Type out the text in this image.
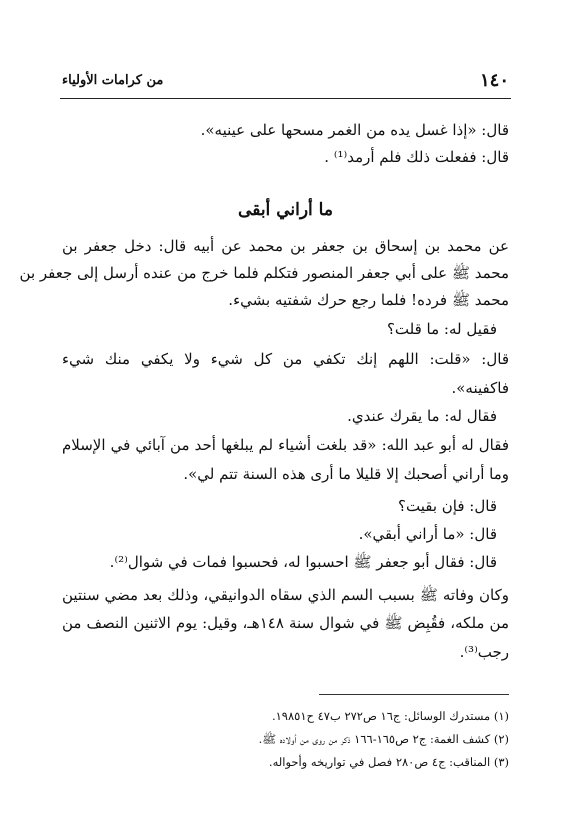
١٤٠
من كرامات الأولياء
قال: «إذا غسل يده من الغمر مسحها على عينيه».
قال: ففعلت ذلك فلم أرمد⁽¹⁾ .
ما أراني أبقى
عن محمد بن إسحاق بن جعفر بن محمد عن أبيه قال: دخل جعفر بن
محمد ﷺ على أبي جعفر المنصور فتكلم فلما خرج من عنده أرسل إلى جعفر بن
محمد ﷺ فرده! فلما رجع حرك شفتيه بشيء.
فقيل له: ما قلت؟
قال: «قلت: اللهم إنك تكفي من كل شيء ولا يكفي منك شيء
فاكفينه».
فقال له: ما يقرك عندي.
فقال له أبو عبد الله: «قد بلغت أشياء لم يبلغها أحد من آبائي في الإسلام
وما أراني أصحبك إلا قليلا ما أرى هذه السنة تتم لي».
قال: فإن بقيت؟
قال: «ما أراني أبقي».
قال: فقال أبو جعفر ﷺ احسبوا له، فحسبوا فمات في شوال⁽²⁾.
وكان وفاته ﷺ بسبب السم الذي سقاه الدوانيقي، وذلك بعد مضي سنتين
من ملكه، فقُبِض ﷺ في شوال سنة ١٤٨هـ، وقيل: يوم الاثنين النصف من
رجب⁽³⁾.
(١) مستدرك الوسائل: ج١٦ ص٢٧٢ ب٤٧ ح١٩٨٥١.
(٢) كشف الغمة: ج٢ ص١٦٥-١٦٦ ذكر من روى من أولاده ﷺ.
(٣) المناقب: ج٤ ص٢٨٠ فصل في تواريخه وأحواله.
